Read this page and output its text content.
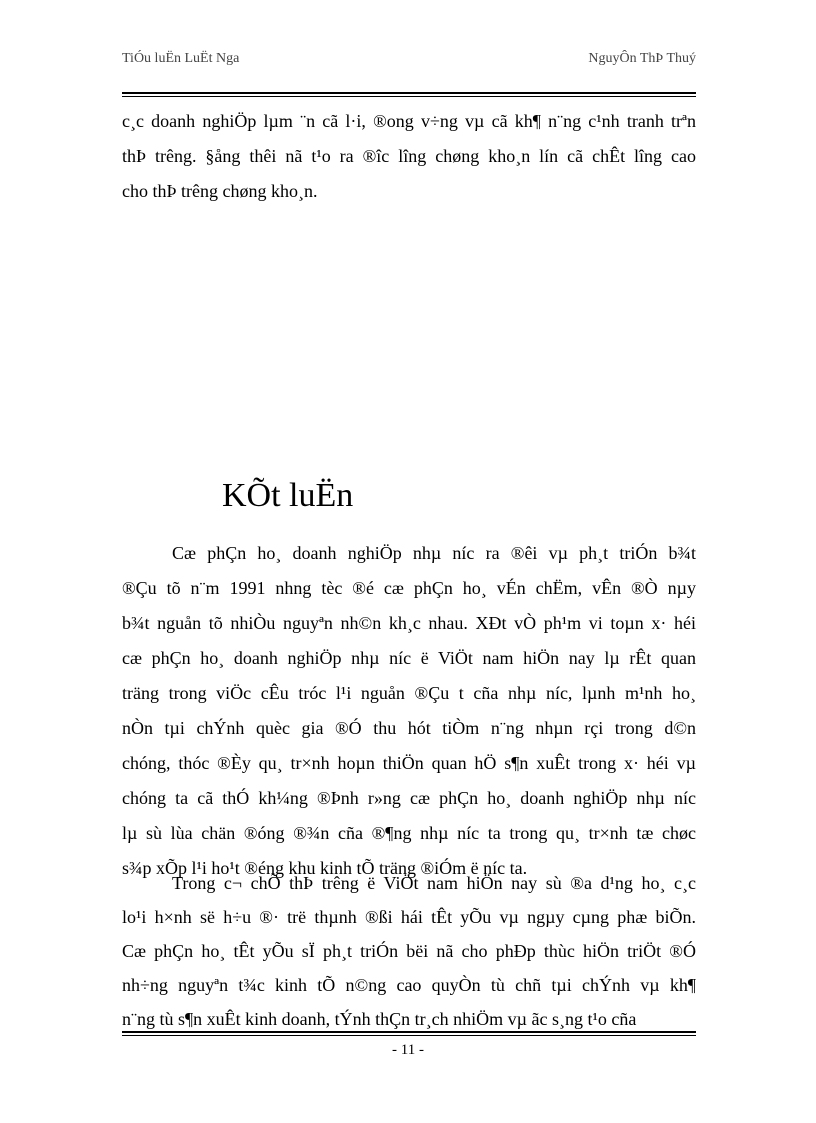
TiÓu luËn LuËt Nga	NguyÔn ThÞ Thuý
c¸c doanh nghiÖp lµm ¨n cã l·i, ®ong v÷ng vµ cã kh¶ n¨ng c¹nh tranh trªn
thÞ trêng. §ång thêi nã t¹o ra ®îc lîng chøng kho¸n lín cã chÊt lîng cao
cho thÞ trêng chøng kho¸n.
KÕt luËn
Cæ phÇn ho¸ doanh nghiÖp nhµ níc ra ®êi vµ ph¸t triÓn b¾t
®Çu tõ n¨m 1991 nhng tèc ®é cæ phÇn ho¸ vÉn chËm, vÊn ®Ò nµy
b¾t nguån tõ nhiÒu nguyªn nh©n kh¸c nhau. XÐt vÒ ph¹m vi toµn x· héi
cæ phÇn ho¸ doanh nghiÖp nhµ níc ë ViÖt nam hiÖn nay lµ rÊt quan
träng trong viÖc cÊu tróc l¹i nguån ®Çu t cña nhµ níc, lµnh m¹nh ho¸
nÒn tµi chÝnh quèc gia ®Ó thu hót tiÒm n¨ng nhµn rçi trong d©n
chóng, thóc ®Èy qu¸ tr×nh hoµn thiÖn quan hÖ s¶n xuÊt trong x· héi vµ
chóng ta cã thÓ kh¼ng ®Þnh r»ng cæ phÇn ho¸ doanh nghiÖp nhµ níc
lµ sù lùa chän ®óng ®¾n cña ®¶ng nhµ níc ta trong qu¸ tr×nh tæ chøc
s¾p xÕp l¹i ho¹t ®éng khu kinh tÕ träng ®iÓm ë níc ta.
Trong c¬ chÕ thÞ trêng ë ViÖt nam hiÖn nay sù ®a d¹ng ho¸ c¸c
lo¹i h×nh së h÷u ®· trë thµnh ®ßi hái tÊt yÕu vµ ngµy cµng phæ biÕn.
Cæ phÇn ho¸ tÊt yÕu sÏ ph¸t triÓn bëi nã cho phÐp thùc hiÖn triÖt ®Ó
nh÷ng nguyªn t¾c kinh tÕ n©ng cao quyÒn tù chñ tµi chÝnh vµ kh¶
n¨ng tù s¶n xuÊt kinh doanh, tÝnh thÇn tr¸ch nhiÖm vµ ãc s¸ng t¹o cña
- 11 -
